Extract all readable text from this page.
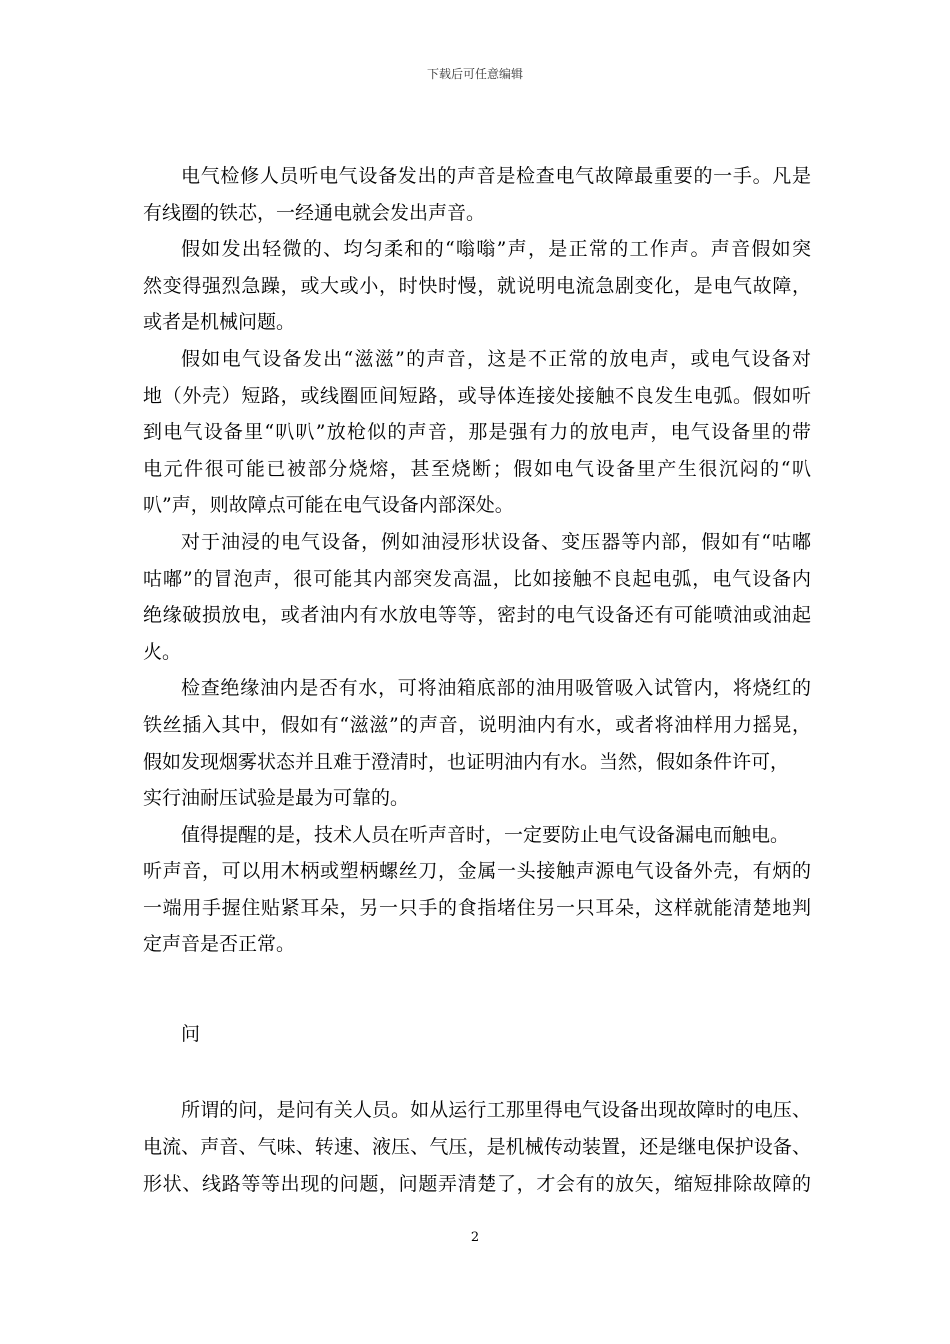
下载后可任意编辑
电气检修人员听电气设备发出的声音是检查电气故障最重要的一手。凡是
有线圈的铁芯，一经通电就会发出声音。
假如发出轻微的、均匀柔和的“嗡嗡”声，是正常的工作声。声音假如突
然变得强烈急躁，或大或小，时快时慢，就说明电流急剧变化，是电气故障，
或者是机械问题。
假如电气设备发出“滋滋”的声音，这是不正常的放电声，或电气设备对
地（外壳）短路，或线圈匝间短路，或导体连接处接触不良发生电弧。假如听
到电气设备里“叭叭”放枪似的声音，那是强有力的放电声，电气设备里的带
电元件很可能已被部分烧熔，甚至烧断；假如电气设备里产生很沉闷的“叭
叭”声，则故障点可能在电气设备内部深处。
对于油浸的电气设备，例如油浸形状设备、变压器等内部，假如有“咕嘟
咕嘟”的冒泡声，很可能其内部突发高温，比如接触不良起电弧，电气设备内
绝缘破损放电，或者油内有水放电等等，密封的电气设备还有可能喷油或油起
火。
检查绝缘油内是否有水，可将油箱底部的油用吸管吸入试管内，将烧红的
铁丝插入其中，假如有“滋滋”的声音，说明油内有水，或者将油样用力摇晃，
假如发现烟雾状态并且难于澄清时，也证明油内有水。当然，假如条件许可，
实行油耐压试验是最为可靠的。
值得提醒的是，技术人员在听声音时，一定要防止电气设备漏电而触电。
听声音，可以用木柄或塑柄螺丝刀，金属一头接触声源电气设备外壳，有炳的
一端用手握住贴紧耳朵，另一只手的食指堵住另一只耳朵，这样就能清楚地判
定声音是否正常。
问
所谓的问，是问有关人员。如从运行工那里得电气设备出现故障时的电压、
电流、声音、气味、转速、液压、气压，是机械传动装置，还是继电保护设备、
形状、线路等等出现的问题，问题弄清楚了，才会有的放矢，缩短排除故障的
2
